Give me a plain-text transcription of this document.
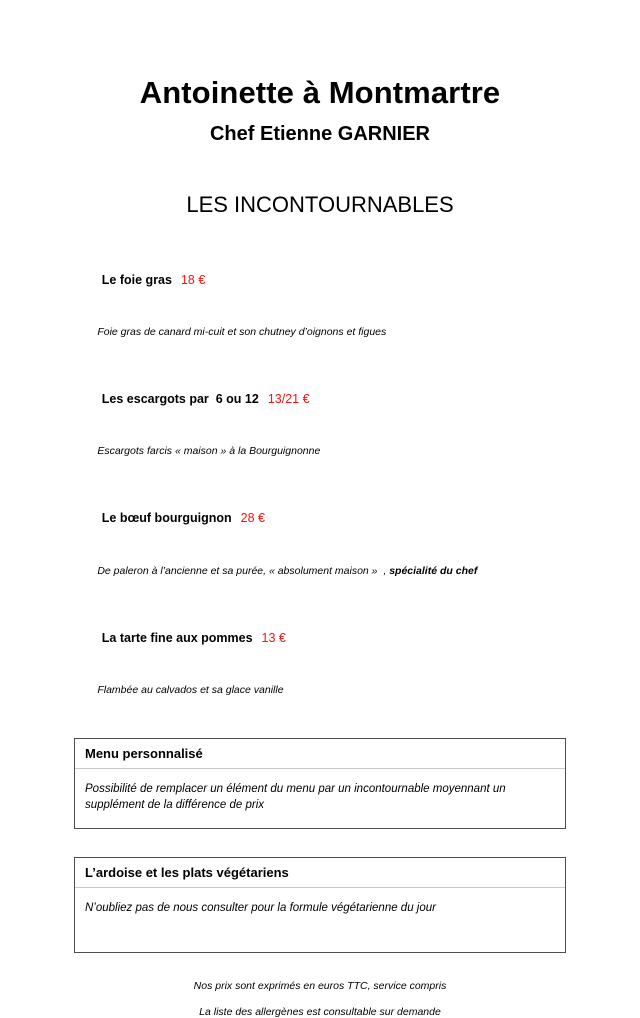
Antoinette à Montmartre
Chef Etienne GARNIER
LES INCONTOURNABLES

Le foie gras 18 €

Foie gras de canard mi-cuit et son chutney d’oignons et figues

Les escargots par  6 ou 12 13/21 €

Escargots farcis « maison » à la Bourguignonne

Le bœuf bourguignon 28 €

De paleron à l’ancienne et sa purée, « absolument maison »  , spécialité du chef

La tarte fine aux pommes 13 €

Flambée au calvados et sa glace vanille

Menu personnalisé
Possibilité de remplacer un élément du menu par un incontournable moyennant un supplément de la différence de prix
L’ardoise et les plats végétariens
N’oubliez pas de nous consulter pour la formule végétarienne du jour

Nos prix sont exprimés en euros TTC, service compris

La liste des allergènes est consultable sur demande
